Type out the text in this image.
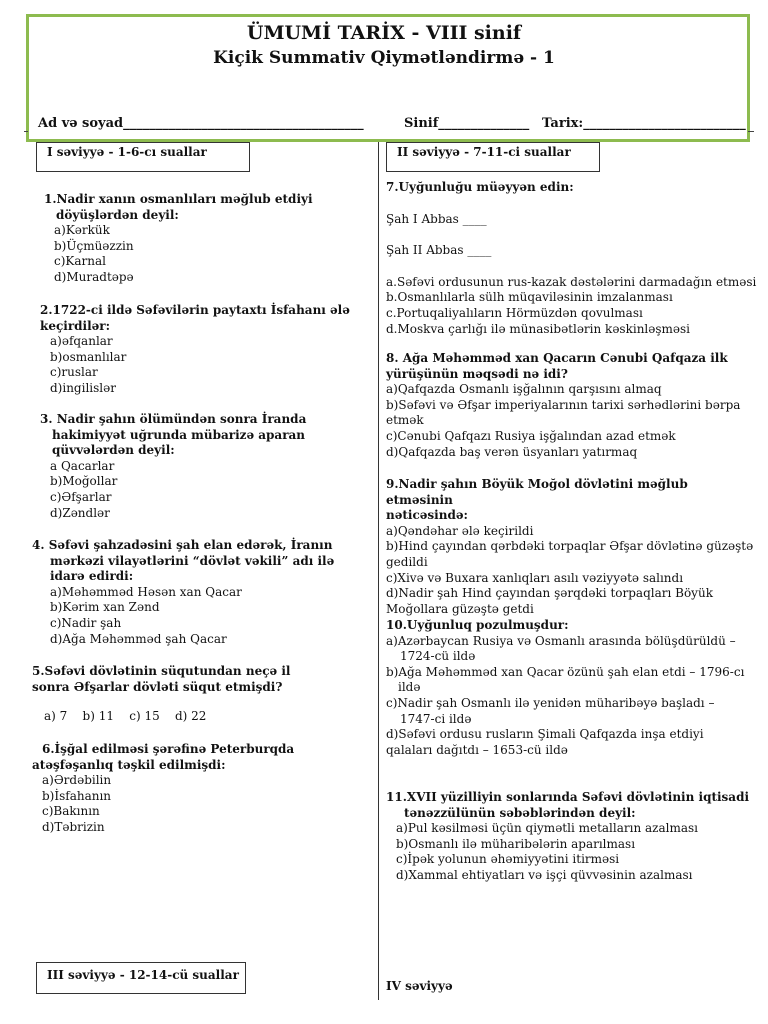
ÜMUMİ TARİX - VIII sinif
Kiçik Summativ Qiymətləndirmə - 1
Ad və soyad_____________________________________	Sinif______________ Tarix:_________________________
I səviyyə - 1-6-cı suallar	II səviyyə - 7-11-ci suallar
III səviyyə - 12-14-cü suallar
IV səviyyə
1.Nadir xanın osmanlıları məğlub etdiyi
döyüşlərdən deyil:
a)Kərkük
b)Üçmüəzzin
c)Karnal
d)Muradtəpə
2.1722-ci ildə Səfəvilərin paytaxtı İsfahanı ələ
keçirdilər:
a)əfqanlar
b)osmanlılar
c)ruslar
d)ingilislər
3. Nadir şahın ölümündən sonra İranda
hakimiyyət uğrunda mübarizə aparan
qüvvələrdən deyil:
a Qacarlar
b)Moğollar
c)Əfşarlar
d)Zəndlər
4. Səfəvi şahzadəsini şah elan edərək, İranın
mərkəzi vilayətlərini “dövlət vəkili” adı ilə
idarə edirdi:
a)Məhəmməd Həsən xan Qacar
b)Kərim xan Zənd
c)Nadir şah
d)Ağa Məhəmməd şah Qacar
5.Səfəvi dövlətinin süqutundan neçə il
sonra Əfşarlar dövləti süqut etmişdi?
a) 7    b) 11    c) 15    d) 22
6.İşğal edilməsi şərəfinə Peterburqda
atəşfəşanlıq təşkil edilmişdi:
a)Ərdəbilin
b)İsfahanın
c)Bakının
d)Təbrizin
7.Uyğunluğu müəyyən edin:
Şah I Abbas ____
Şah II Abbas ____
a.Səfəvi ordusunun rus-kazak dəstələrini darmadağın etməsi
b.Osmanlılarla sülh müqaviləsinin imzalanması
c.Portuqaliyalıların Hörmüzdən qovulması
d.Moskva çarlığı ilə münasibətlərin kəskinləşməsi
8. Ağa Məhəmməd xan Qacarın Cənubi Qafqaza ilk
yürüşünün məqsədi nə idi?
a)Qafqazda Osmanlı işğalının qarşısını almaq
b)Səfəvi və Əfşar imperiyalarının tarixi sərhədlərini bərpa etmək
c)Cənubi Qafqazı Rusiya işğalından azad etmək
d)Qafqazda baş verən üsyanları yatırmaq
9.Nadir şahın Böyük Moğol dövlətini məğlub etməsinin
nəticəsində:
a)Qəndəhar ələ keçirildi
b)Hind çayından qərbdəki torpaqlar Əfşar dövlətinə güzəştə gedildi
c)Xivə və Buxara xanlıqları asılı vəziyyətə salındı
d)Nadir şah Hind çayından şərqdəki torpaqları Böyük Moğollara güzəştə getdi
10.Uyğunluq pozulmuşdur:
a)Azərbaycan Rusiya və Osmanlı arasında bölüşdürüldü – 1724-cü ildə
b)Ağa Məhəmməd xan Qacar özünü şah elan etdi – 1796-cı ildə
c)Nadir şah Osmanlı ilə yenidən müharibəyə başladı – 1747-ci ildə
d)Səfəvi ordusu rusların Şimali Qafqazda inşa etdiyi qalaları dağıtdı – 1653-cü ildə
11.XVII yüzilliyin sonlarında Səfəvi dövlətinin iqtisadi
tənəzzülünün səbəblərindən deyil:
a)Pul kəsilməsi üçün qiymətli metalların azalması
b)Osmanlı ilə müharibələrin aparılması
c)İpək yolunun əhəmiyyətini itirməsi
d)Xammal ehtiyatları və işçi qüvvəsinin azalması
